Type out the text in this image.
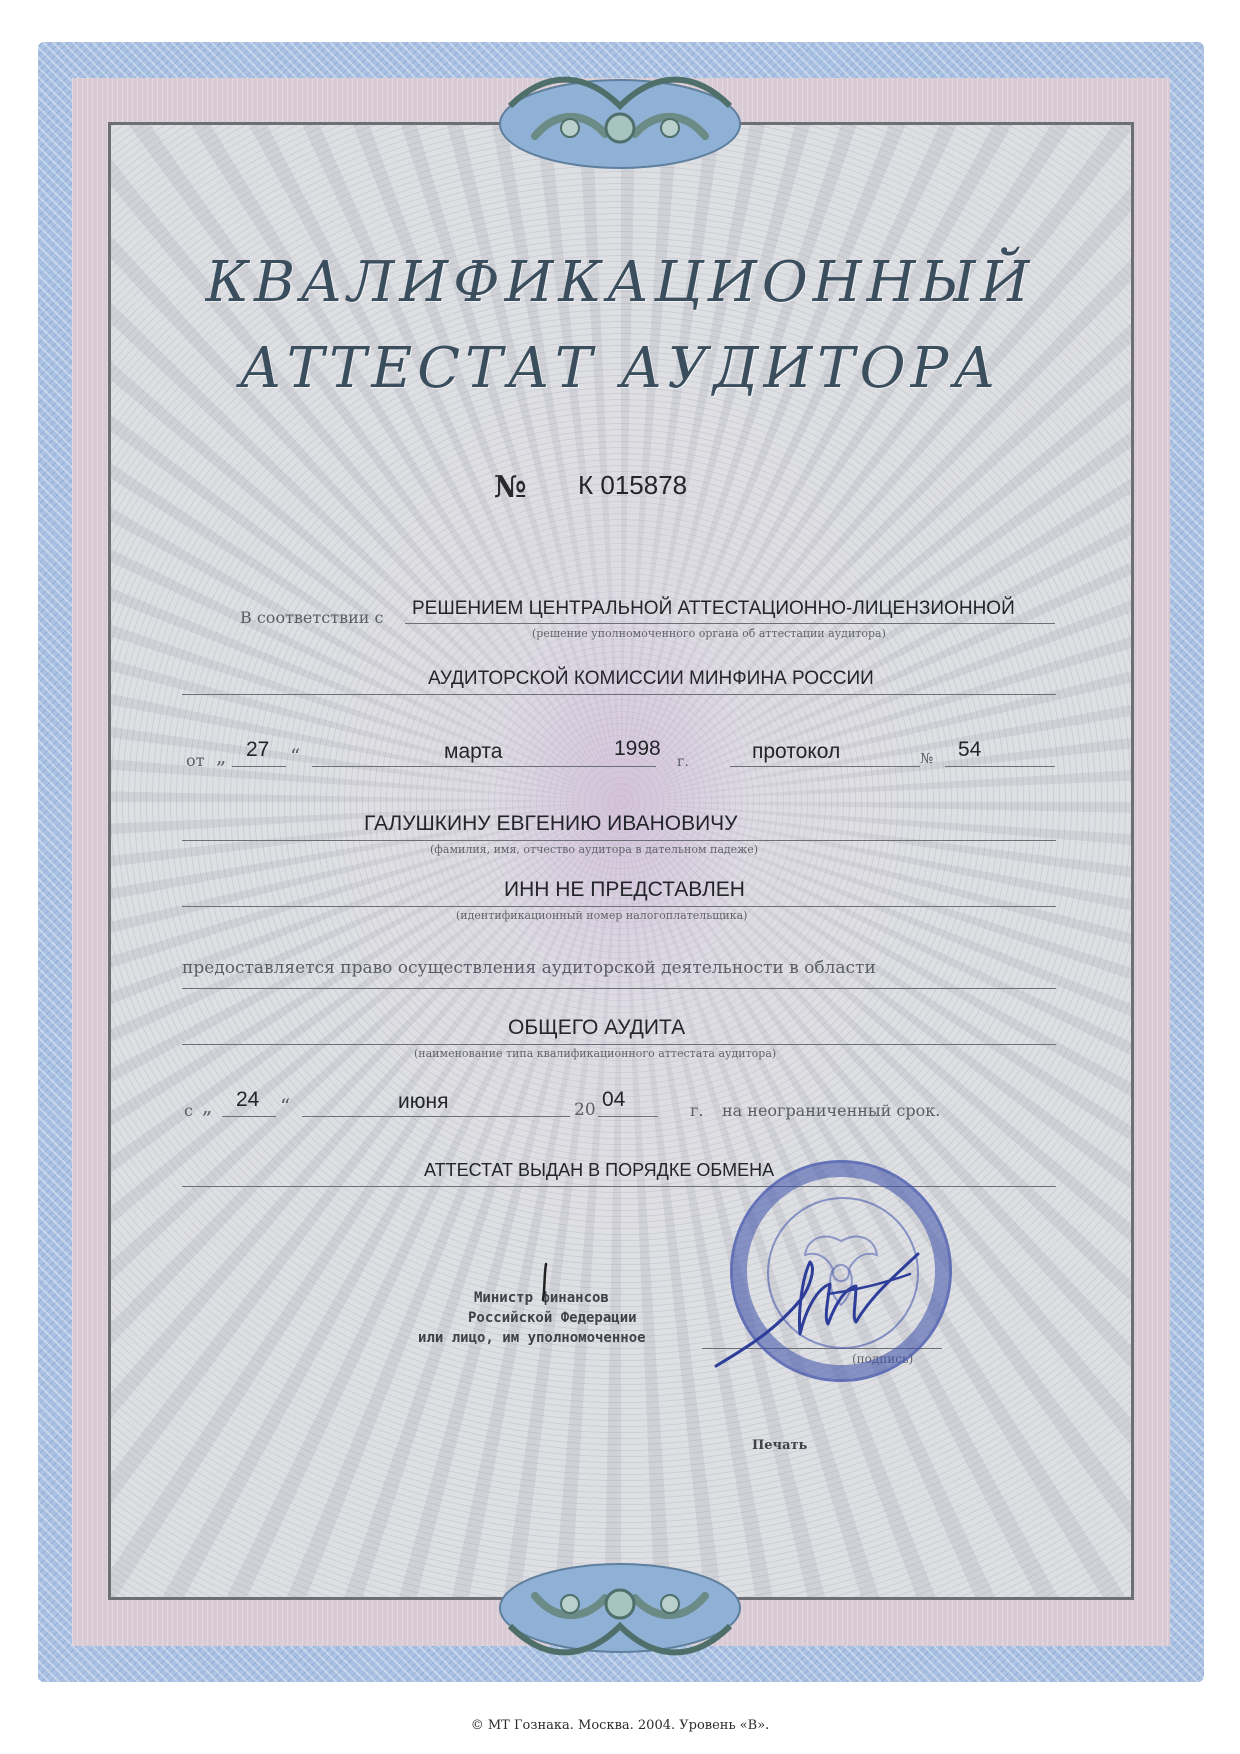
КВАЛИФИКАЦИОННЫЙ
АТТЕСТАТ АУДИТОРА
№ К 015878
В соответствии с РЕШЕНИЕМ ЦЕНТРАЛЬНОЙ АТТЕСТАЦИОННО-ЛИЦЕНЗИОННОЙ
(решение уполномоченного органа об аттестации аудитора)
АУДИТОРСКОЙ КОМИССИИ МИНФИНА РОССИИ
от „ 27 “	марта	1998
г.	протокол	№ 54
ГАЛУШКИНУ ЕВГЕНИЮ ИВАНОВИЧУ
(фамилия, имя, отчество аудитора в дательном падеже)
ИНН НЕ ПРЕДСТАВЛЕН
(идентификационный номер налогоплательщика)
предоставляется право осуществления аудиторской деятельности в области
ОБЩЕГО АУДИТА
(наименование типа квалификационного аттестата аудитора)
с „ 24 “	июня	20 04	г. на неограниченный срок.
АТТЕСТАТ ВЫДАН В ПОРЯДКЕ ОБМЕНА
Министр финансов
Российской Федерации
или лицо, им уполномоченное
(подпись)
Печать
© МТ Гознака. Москва. 2004. Уровень «В».
